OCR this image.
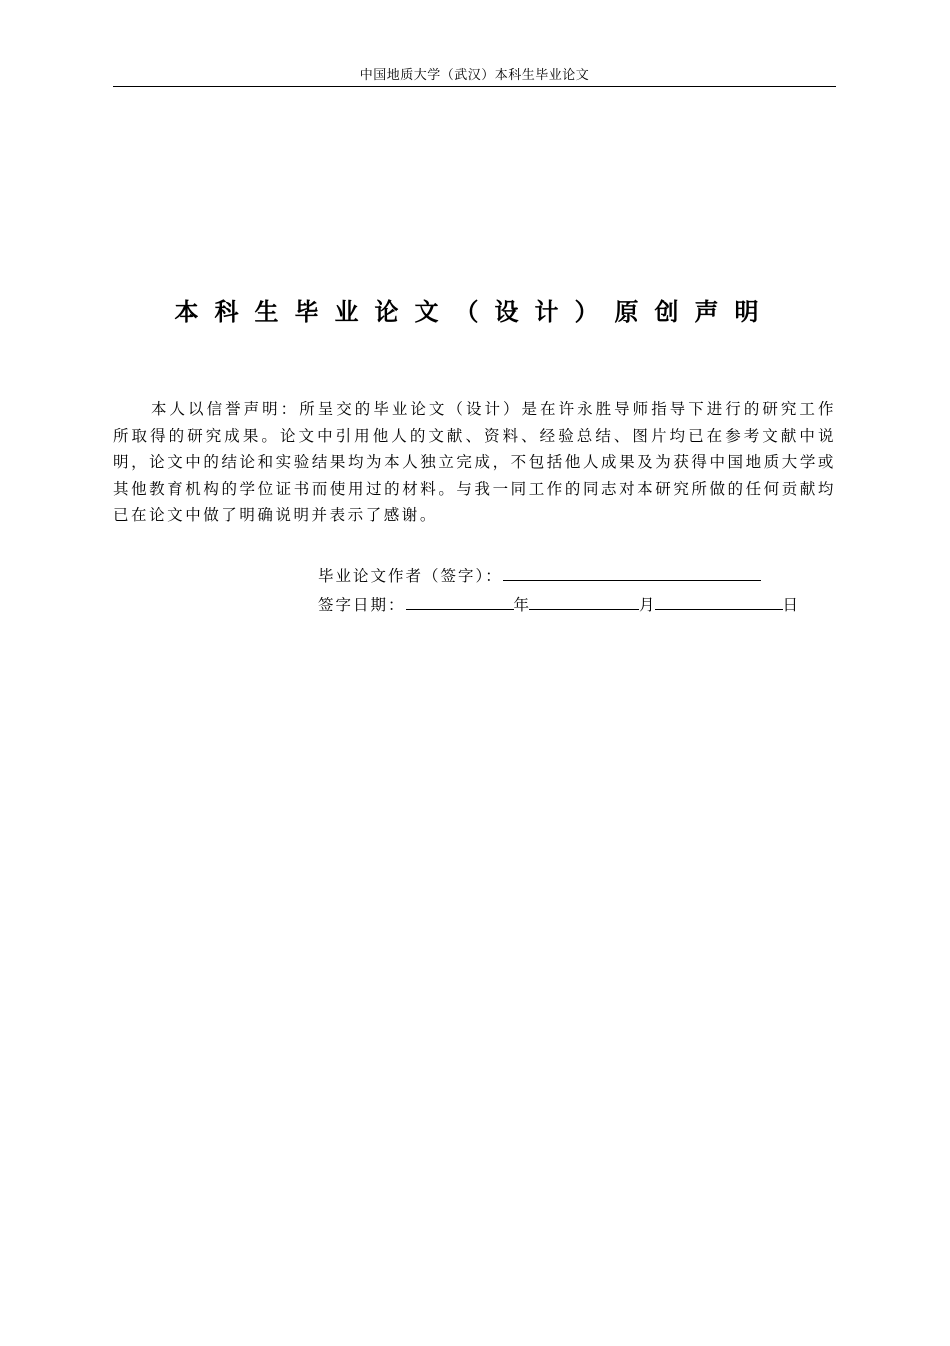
中国地质大学（武汉）本科生毕业论文
本科生毕业论文（设计）原创声明

本人以信誉声明：所呈交的毕业论文（设计）是在许永胜导师指导下进行的研究工作所取得的研究成果。论文中引用他人的文献、资料、经验总结、图片均已在参考文献中说明，论文中的结论和实验结果均为本人独立完成，不包括他人成果及为获得中国地质大学或其他教育机构的学位证书而使用过的材料。与我一同工作的同志对本研究所做的任何贡献均已在论文中做了明确说明并表示了感谢。

毕业论文作者（签字）：
签字日期：	年	月	日
